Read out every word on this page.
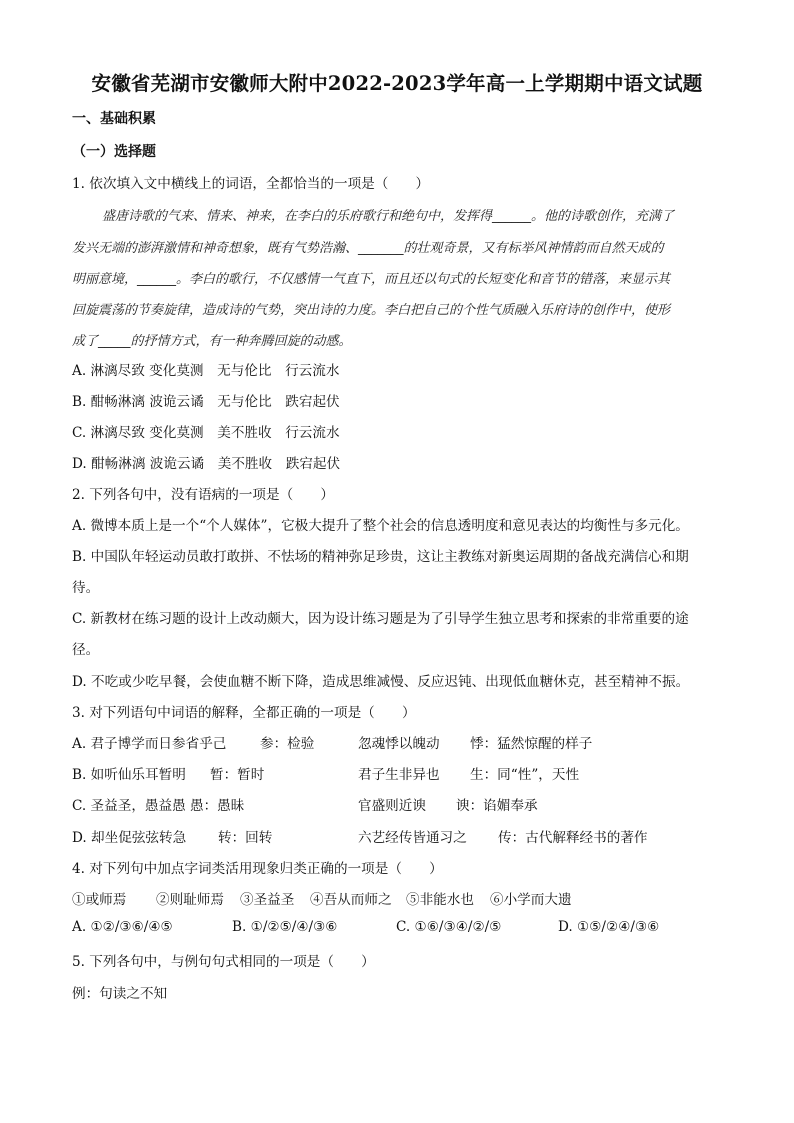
安徽省芜湖市安徽师大附中2022-2023学年高一上学期期中语文试题
一、基础积累
（一）选择题
1. 依次填入文中横线上的词语，全都恰当的一项是（　　）
盛唐诗歌的气来、情来、神来，在李白的乐府歌行和绝句中，发挥得______。他的诗歌创作，充满了
发兴无端的澎湃激情和神奇想象，既有气势浩瀚、_______的壮观奇景，又有标举风神情韵而自然天成的
明丽意境，______。李白的歌行，不仅感情一气直下，而且还以句式的长短变化和音节的错落，来显示其
回旋震荡的节奏旋律，造成诗的气势，突出诗的力度。李白把自己的个性气质融入乐府诗的创作中，使形
成了_____的抒情方式，有一种奔腾回旋的动感。
A. 淋漓尽致 变化莫测　无与伦比　行云流水
B. 酣畅淋漓 波诡云谲　无与伦比　跌宕起伏
C. 淋漓尽致 变化莫测　美不胜收　行云流水
D. 酣畅淋漓 波诡云谲　美不胜收　跌宕起伏
2. 下列各句中，没有语病的一项是（　　）
A. 微博本质上是一个“个人媒体”，它极大提升了整个社会的信息透明度和意见表达的均衡性与多元化。
B. 中国队年轻运动员敢打敢拼、不怯场的精神弥足珍贵，这让主教练对新奥运周期的备战充满信心和期
待。
C. 新教材在练习题的设计上改动颇大，因为设计练习题是为了引导学生独立思考和探索的非常重要的途
径。
D. 不吃或少吃早餐，会使血糖不断下降，造成思维减慢、反应迟钝、出现低血糖休克，甚至精神不振。
3. 对下列语句中词语的解释，全都正确的一项是（　　）
A. 君子博学而日参省乎己 参：检验	忽魂悸以魄动 悸：猛然惊醒的样子
B. 如听仙乐耳暂明 暂：暂时	君子生非异也 生：同“性”，天性
C. 圣益圣，愚益愚 愚：愚昧	官盛则近谀 谀：谄媚奉承
D. 却坐促弦弦转急 转：回转	六艺经传皆通习之 传：古代解释经书的著作
4. 对下列句中加点字词类活用现象归类正确的一项是（　　）
①或师焉 ②则耻师焉 ③圣益圣 ④吾从而师之 ⑤非能水也 ⑥小学而大遗
A. ①②/③⑥/④⑤	B. ①/②⑤/④/③⑥	C. ①⑥/③④/②/⑤	D. ①⑤/②④/③⑥
5. 下列各句中，与例句句式相同的一项是（　　）
例：句读之不知
